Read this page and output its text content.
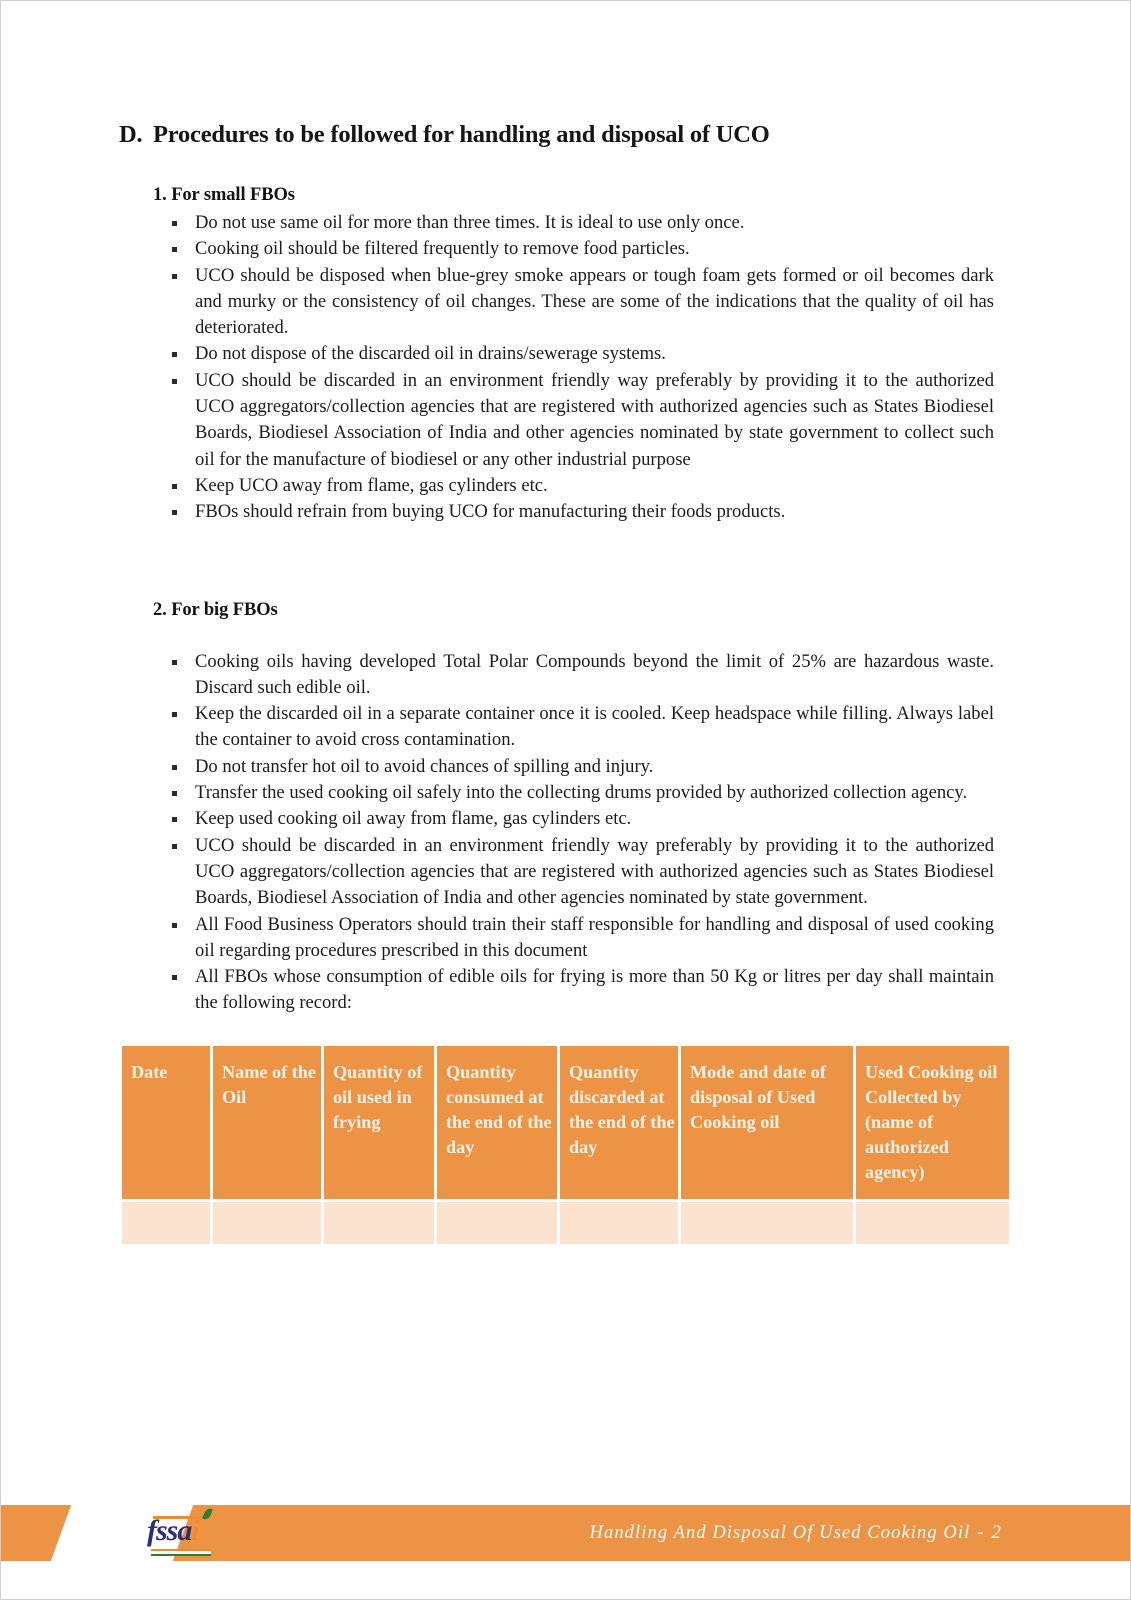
D. Procedures to be followed for handling and disposal of UCO
1. For small FBOs
Do not use same oil for more than three times. It is ideal to use only once.
Cooking oil should be filtered frequently to remove food particles.
UCO should be disposed when blue-grey smoke appears or tough foam gets formed or oil becomes dark and murky or the consistency of oil changes. These are some of the indications that the quality of oil has deteriorated.
Do not dispose of the discarded oil in drains/sewerage systems.
UCO should be discarded in an environment friendly way preferably by providing it to the authorized UCO aggregators/collection agencies that are registered with authorized agencies such as States Biodiesel Boards, Biodiesel Association of India and other agencies nominated by state government to collect such oil for the manufacture of biodiesel or any other industrial purpose
Keep UCO away from flame, gas cylinders etc.
FBOs should refrain from buying UCO for manufacturing their foods products.
2. For big FBOs
Cooking oils having developed Total Polar Compounds beyond the limit of 25% are hazardous waste. Discard such edible oil.
Keep the discarded oil in a separate container once it is cooled. Keep headspace while filling. Always label the container to avoid cross contamination.
Do not transfer hot oil to avoid chances of spilling and injury.
Transfer the used cooking oil safely into the collecting drums provided by authorized collection agency.
Keep used cooking oil away from flame, gas cylinders etc.
UCO should be discarded in an environment friendly way preferably by providing it to the authorized UCO aggregators/collection agencies that are registered with authorized agencies such as States Biodiesel Boards, Biodiesel Association of India and other agencies nominated by state government.
All Food Business Operators should train their staff responsible for handling and disposal of used cooking oil regarding procedures prescribed in this document
All FBOs whose consumption of edible oils for frying is more than 50 Kg or litres per day shall maintain the following record:
Date	Name of the Oil	Quantity of oil used in frying	Quantity consumed at the end of the day	Quantity discarded at the end of the day	Mode and date of disposal of Used Cooking oil	Used Cooking oil Collected by (name of authorized agency)

fssai	Handling And Disposal Of Used Cooking Oil - 2
